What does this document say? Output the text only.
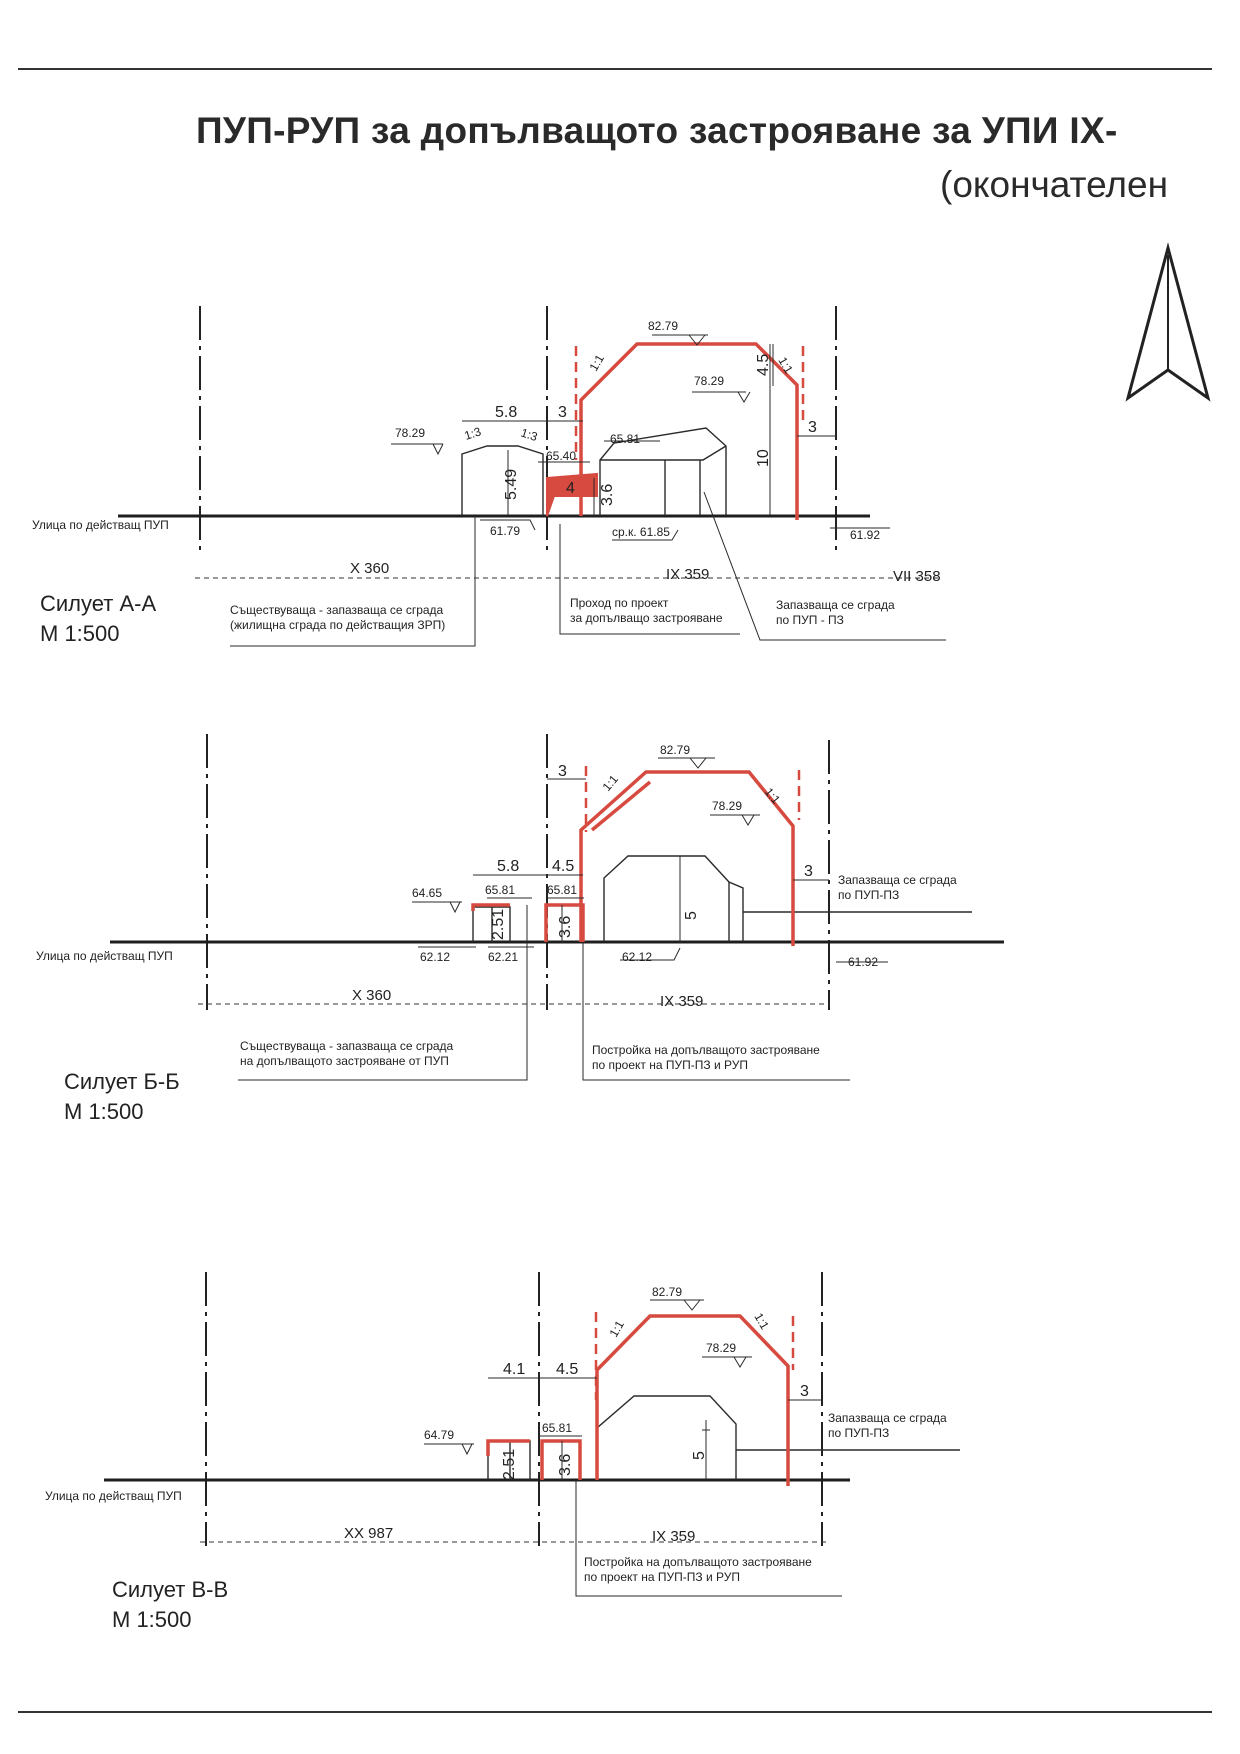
ПУП-РУП за допълващото застрояване за УПИ IX-
(окончателен
Улица по действащ ПУП
82.79
78.29
78.29	65.81
65.40
61.79	ср.к. 61.85	61.92
5.8	3
3
4.5
10
5.49	3.6
4
1:1	1:1
1:3	1:3
X 360	IX 359	VII 358
Силует А-А
М 1:500
Съществуваща - запазваща се сграда (жилищна сграда по действащия ЗРП)
Проход по проект за допълващо застрояване
Запазваща се сграда по ПУП - ПЗ
Улица по действащ ПУП
82.79
78.29
65.81	65.81
64.65
62.12	62.21	62.12	61.92
3
5.8 4.5	3
5
2.51	3.6
1:1
1:1
X 360	IX 359
Силует Б-Б
М 1:500
Съществуваща - запазваща се сграда на допълващото застрояване от ПУП
Постройка на допълващото застрояване по проект на ПУП-ПЗ и РУП
Запазваща се сграда по ПУП-ПЗ
Улица по действащ ПУП
82.79
78.29
65.81
64.79
4.1 4.5
3
5
2.51 3.6
1:1	1:1
XX 987	IX 359
Силует В-В
М 1:500
Постройка на допълващото застрояване по проект на ПУП-ПЗ и РУП
Запазваща се сграда по ПУП-ПЗ
